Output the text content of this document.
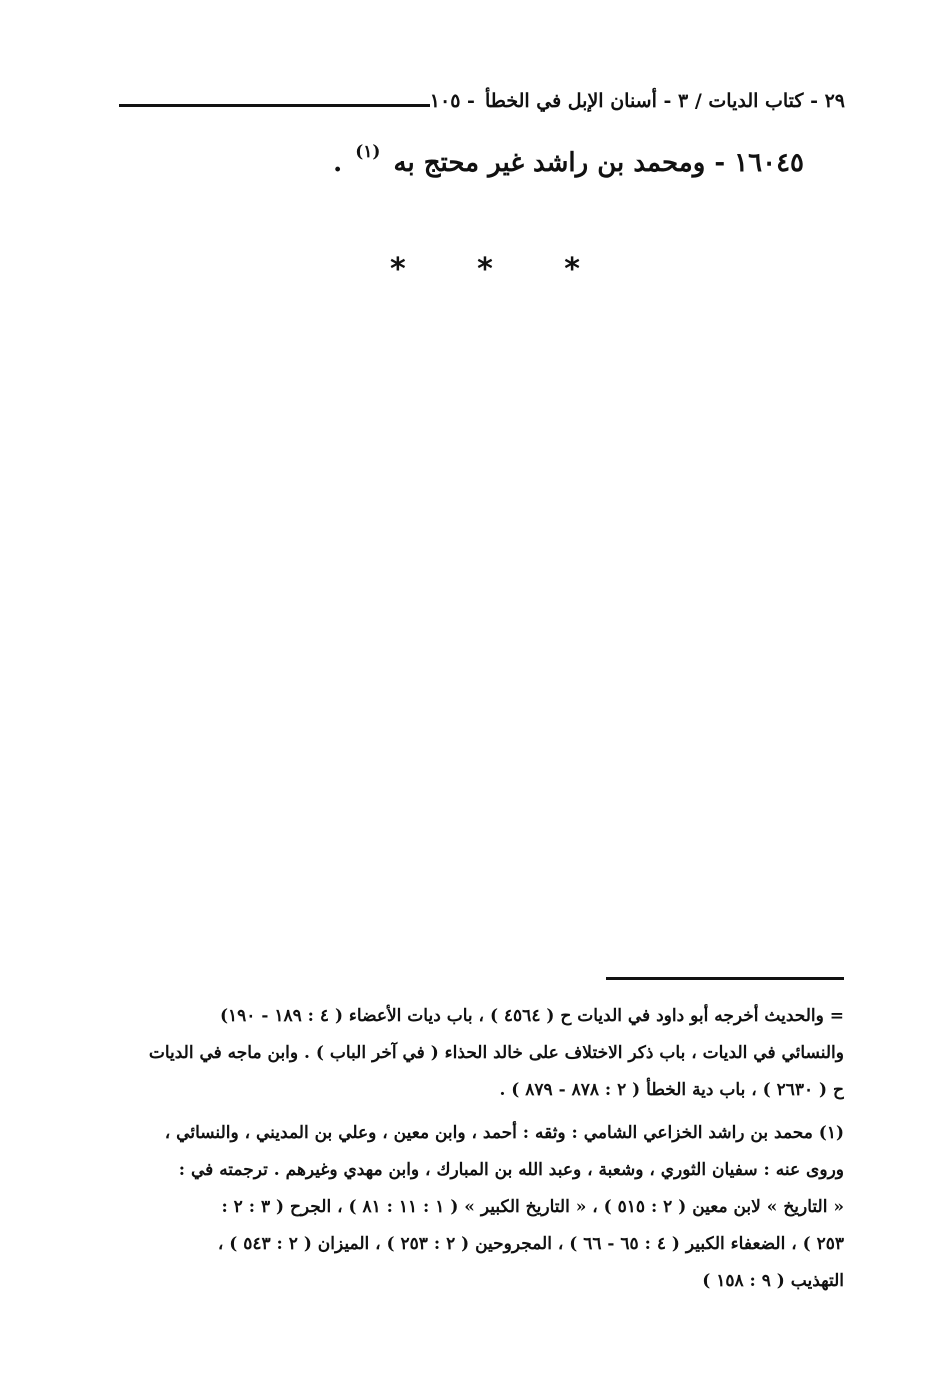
٢٩ - كتاب الديات / ٣ - أسنان الإبل في الخطأ
- ١٠٥
١٦٠٤٥ - ومحمد بن راشد غير محتج به $^{(١)}$ .
* * *
= والحديث أخرجه أبو داود في الديات ح ( ٤٥٦٤ ) ، باب ديات الأعضاء ( ٤ : ١٨٩ - ١٩٠)
والنسائي في الديات ، باب ذكر الاختلاف على خالد الحذاء ( في آخر الباب ) . وابن ماجه في الديات
ح ( ٢٦٣٠ ) ، باب دية الخطأ ( ٢ : ٨٧٨ - ٨٧٩ ) .
(١) محمد بن راشد الخزاعي الشامي : وثقه : أحمد ، وابن معين ، وعلي بن المديني ، والنسائي ،
وروى عنه : سفيان الثوري ، وشعبة ، وعبد الله بن المبارك ، وابن مهدي وغيرهم . ترجمته في :
« التاريخ » لابن معين ( ٢ : ٥١٥ ) ، « التاريخ الكبير » ( ١ : ١١ : ٨١ ) ، الجرح ( ٣ : ٢ :
٢٥٣ ) ، الضعفاء الكبير ( ٤ : ٦٥ - ٦٦ ) ، المجروحين ( ٢ : ٢٥٣ ) ، الميزان ( ٢ : ٥٤٣ ) ،
التهذيب ( ٩ : ١٥٨ )
